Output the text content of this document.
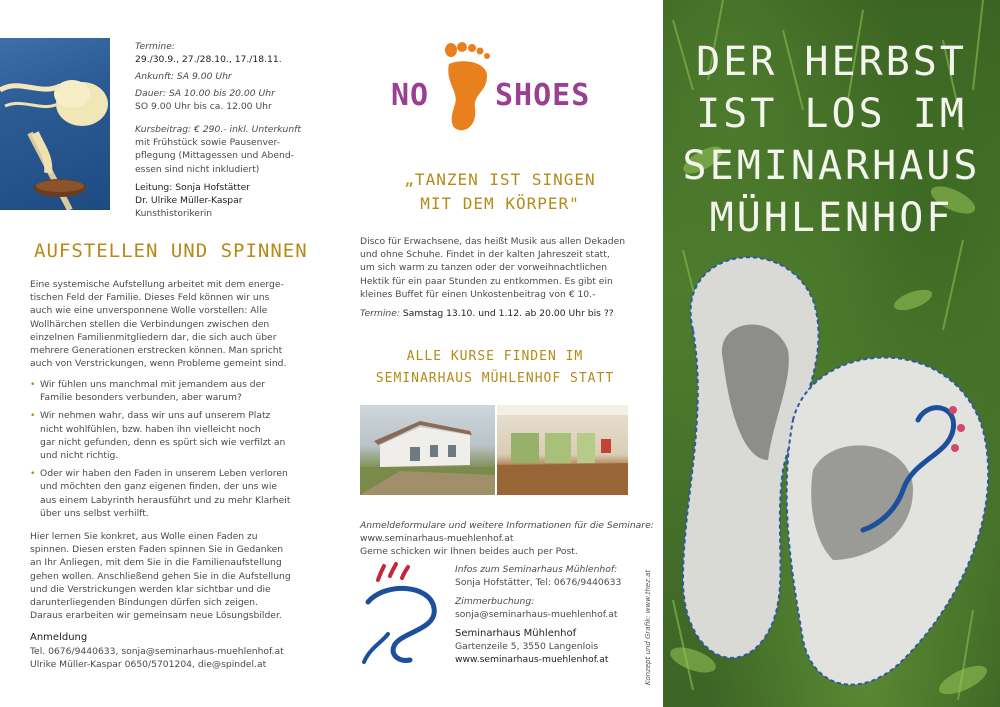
Termine:
29./30.9., 27./28.10., 17./18.11.
Ankunft: SA 9.00 Uhr
Dauer: SA 10.00 bis 20.00 Uhr
SO 9.00 Uhr bis ca. 12.00 Uhr
Kursbeitrag: € 290.- inkl. Unterkunft
mit Frühstück sowie Pausenver-
pflegung (Mittagessen und Abend-
essen sind nicht inkludiert)
Leitung: Sonja Hofstätter
Dr. Ulrike Müller-Kaspar
Kunsthistorikerin
AUFSTELLEN UND SPINNEN
Eine systemische Aufstellung arbeitet mit dem energe-
tischen Feld der Familie. Dieses Feld können wir uns
auch wie eine unversponnene Wolle vorstellen: Alle
Wollhärchen stellen die Verbindungen zwischen den
einzelnen Familienmitgliedern dar, die sich auch über
mehrere Generationen erstrecken können. Man spricht
auch von Verstrickungen, wenn Probleme gemeint sind.
• Wir fühlen uns manchmal mit jemandem aus der
Familie besonders verbunden, aber warum?
• Wir nehmen wahr, dass wir uns auf unserem Platz
nicht wohlfühlen, bzw. haben ihn vielleicht noch
gar nicht gefunden, denn es spürt sich wie verfilzt an
und nicht richtig.
• Oder wir haben den Faden in unserem Leben verloren
und möchten den ganz eigenen finden, der uns wie
aus einem Labyrinth herausführt und zu mehr Klarheit
über uns selbst verhilft.
Hier lernen Sie konkret, aus Wolle einen Faden zu
spinnen. Diesen ersten Faden spinnen Sie in Gedanken
an Ihr Anliegen, mit dem Sie in die Familienaufstellung
gehen wollen. Anschließend gehen Sie in die Aufstellung
und die Verstrickungen werden klar sichtbar und die
darunterliegenden Bindungen dürfen sich zeigen.
Daraus erarbeiten wir gemeinsam neue Lösungsbilder.
Anmeldung
Tel. 0676/9440633, sonja@seminarhaus-muehlenhof.at
Ulrike Müller-Kaspar 0650/5701204, die@spindel.at
NO SHOES
„TANZEN IST SINGEN
MIT DEM KÖRPER"
Disco für Erwachsene, das heißt Musik aus allen Dekaden
und ohne Schuhe. Findet in der kalten Jahreszeit statt,
um sich warm zu tanzen oder der vorweihnachtlichen
Hektik für ein paar Stunden zu entkommen. Es gibt ein
kleines Buffet für einen Unkostenbeitrag von € 10.-
Termine: Samstag 13.10. und 1.12. ab 20.00 Uhr bis ??
ALLE KURSE FINDEN IM
SEMINARHAUS MÜHLENHOF STATT
Anmeldeformulare und weitere Informationen für die Seminare:
www.seminarhaus-muehlenhof.at
Gerne schicken wir Ihnen beides auch per Post.
Infos zum Seminarhaus Mühlenhof:
Sonja Hofstätter, Tel: 0676/9440633
Zimmerbuchung:
sonja@seminarhaus-muehlenhof.at
Seminarhaus Mühlenhof
Gartenzeile 5, 3550 Langenlois
www.seminarhaus-muehlenhof.at	Konzept und Grafik: www.thez.at
DER HERBST
IST LOS IM
SEMINARHAUS
MÜHLENHOF
